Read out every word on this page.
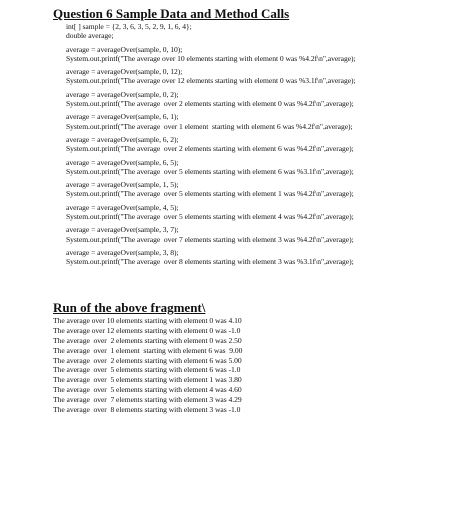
Question 6 Sample Data and Method Calls
int[ ] sample = {2, 3, 6, 3, 5, 2, 9, 1, 6, 4};
double average;
average = averageOver(sample, 0, 10);
System.out.printf("The average over 10 elements starting with element 0 was %4.2f\n",average);
average = averageOver(sample, 0, 12);
System.out.printf("The average over 12 elements starting with element 0 was %3.1f\n",average);
average = averageOver(sample, 0, 2);
System.out.printf("The average  over 2 elements starting with element 0 was %4.2f\n",average);
average = averageOver(sample, 6, 1);
System.out.printf("The average  over 1 element  starting with element 6 was %4.2f\n",average);
average = averageOver(sample, 6, 2);
System.out.printf("The average  over 2 elements starting with element 6 was %4.2f\n",average);
average = averageOver(sample, 6, 5);
System.out.printf("The average  over 5 elements starting with element 6 was %3.1f\n",average);
average = averageOver(sample, 1, 5);
System.out.printf("The average  over 5 elements starting with element 1 was %4.2f\n",average);
average = averageOver(sample, 4, 5);
System.out.printf("The average  over 5 elements starting with element 4 was %4.2f\n",average);
average = averageOver(sample, 3, 7);
System.out.printf("The average  over 7 elements starting with element 3 was %4.2f\n",average);
average = averageOver(sample, 3, 8);
System.out.printf("The average  over 8 elements starting with element 3 was %3.1f\n",average);
Run of the above fragment\
The average over 10 elements starting with element 0 was 4.10
The average over 12 elements starting with element 0 was -1.0
The average  over  2 elements starting with element 0 was 2.50
The average  over  1 element  starting with element 6 was  9.00
The average  over  2 elements starting with element 6 was 5.00
The average  over  5 elements starting with element 6 was -1.0
The average  over  5 elements starting with element 1 was 3.80
The average  over  5 elements starting with element 4 was 4.60
The average  over  7 elements starting with element 3 was 4.29
The average  over  8 elements starting with element 3 was -1.0
